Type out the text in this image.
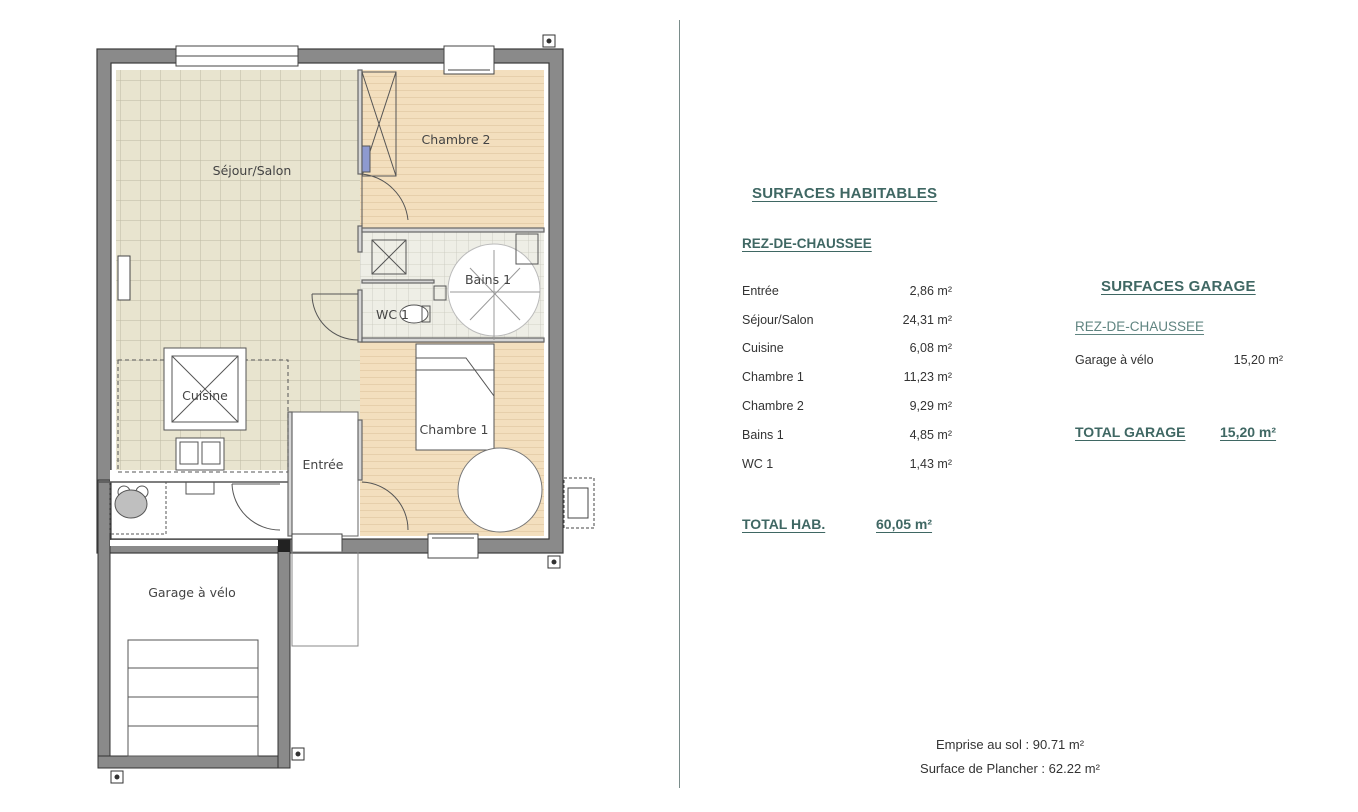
Séjour/Salon
Chambre 2
Bains 1
WC 1
Cuisine
Chambre 1
Entrée
Garage à vélo
SURFACES HABITABLES
REZ-DE-CHAUSSEE
Entrée	2,86 m²
Séjour/Salon	24,31 m²
Cuisine	6,08 m²
Chambre 1	11,23 m²
Chambre 2	9,29 m²
Bains 1	4,85 m²
WC 1	1,43 m²
TOTAL HAB.	60,05 m²
SURFACES GARAGE
REZ-DE-CHAUSSEE
Garage à vélo	15,20 m²
TOTAL GARAGE 15,20 m²
Emprise au sol : 90.71 m²
Surface de Plancher : 62.22 m²
